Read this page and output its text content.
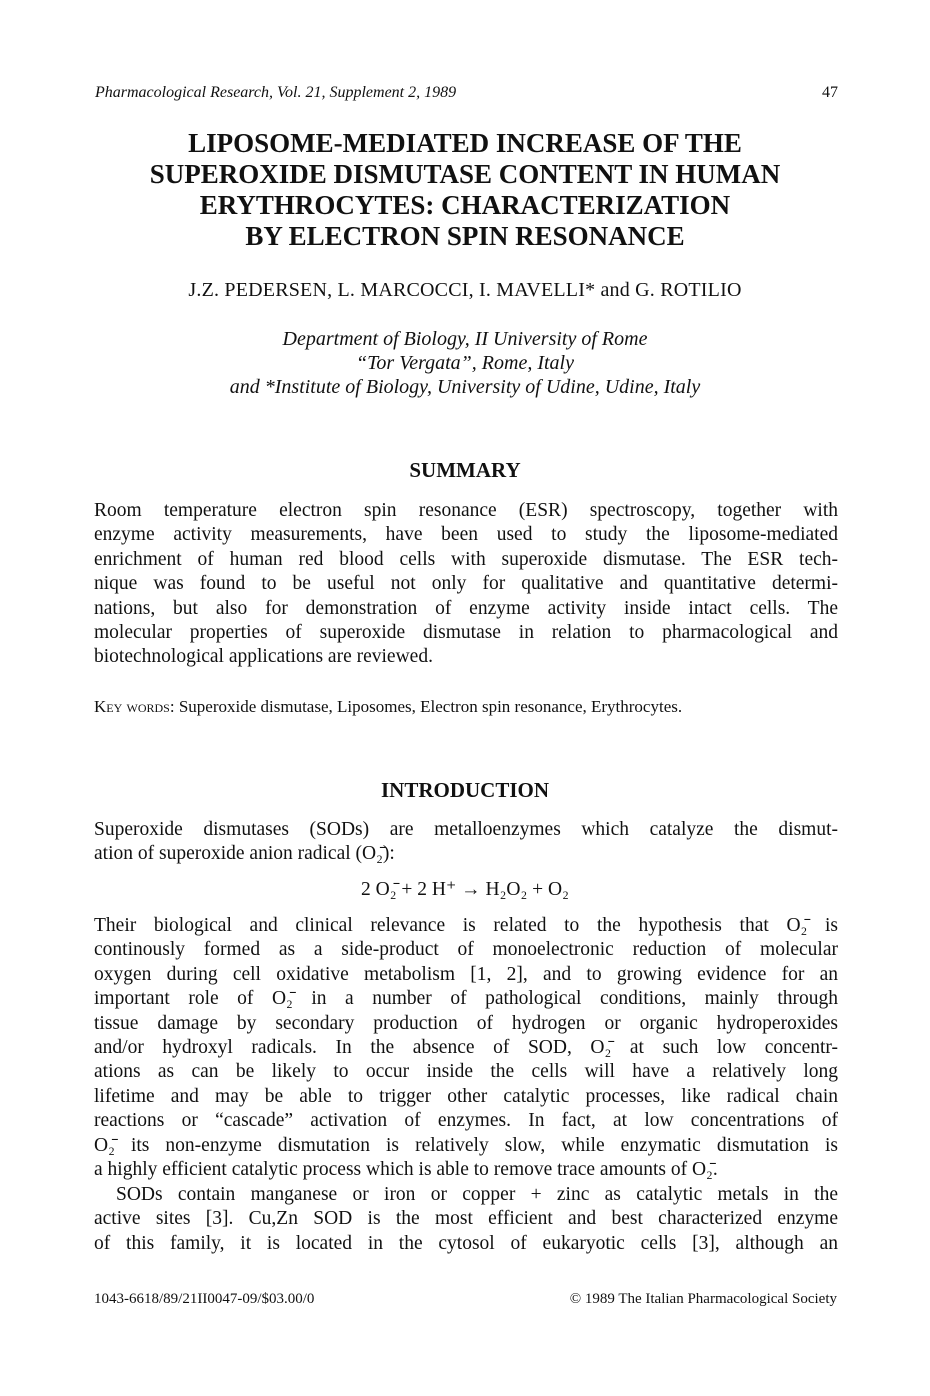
Pharmacological Research, Vol. 21, Supplement 2, 1989	47
LIPOSOME-MEDIATED INCREASE OF THE
SUPEROXIDE DISMUTASE CONTENT IN HUMAN
ERYTHROCYTES: CHARACTERIZATION
BY ELECTRON SPIN RESONANCE
J.Z. PEDERSEN, L. MARCOCCI, I. MAVELLI* and G. ROTILIO
Department of Biology, II University of Rome
“Tor Vergata”, Rome, Italy
and *Institute of Biology, University of Udine, Udine, Italy
SUMMARY
Room temperature electron spin resonance (ESR) spectroscopy, together with
enzyme activity measurements, have been used to study the liposome-mediated
enrichment of human red blood cells with superoxide dismutase. The ESR tech-
nique was found to be useful not only for qualitative and quantitative determi-
nations, but also for demonstration of enzyme activity inside intact cells. The
molecular properties of superoxide dismutase in relation to pharmacological and
biotechnological applications are reviewed.
Key words: Superoxide dismutase, Liposomes, Electron spin resonance, Erythrocytes.
INTRODUCTION
Superoxide dismutases (SODs) are metalloenzymes which catalyze the dismut-
ation of superoxide anion radical (O₂̄):
2 O₂̄ + 2 H⁺ → H₂O₂ + O₂
Their biological and clinical relevance is related to the hypothesis that O₂̄ is
continously formed as a side-product of monoelectronic reduction of molecular
oxygen during cell oxidative metabolism [1, 2], and to growing evidence for an
important role of O₂̄ in a number of pathological conditions, mainly through
tissue damage by secondary production of hydrogen or organic hydroperoxides
and/or hydroxyl radicals. In the absence of SOD, O₂̄ at such low concentr-
ations as can be likely to occur inside the cells will have a relatively long
lifetime and may be able to trigger other catalytic processes, like radical chain
reactions or “cascade” activation of enzymes. In fact, at low concentrations of
O₂̄ its non-enzyme dismutation is relatively slow, while enzymatic dismutation is
a highly efficient catalytic process which is able to remove trace amounts of O₂̄.
SODs contain manganese or iron or copper + zinc as catalytic metals in the
active sites [3]. Cu,Zn SOD is the most efficient and best characterized enzyme
of this family, it is located in the cytosol of eukaryotic cells [3], although an
1043-6618/89/21II0047-09/$03.00/0	© 1989 The Italian Pharmacological Society
